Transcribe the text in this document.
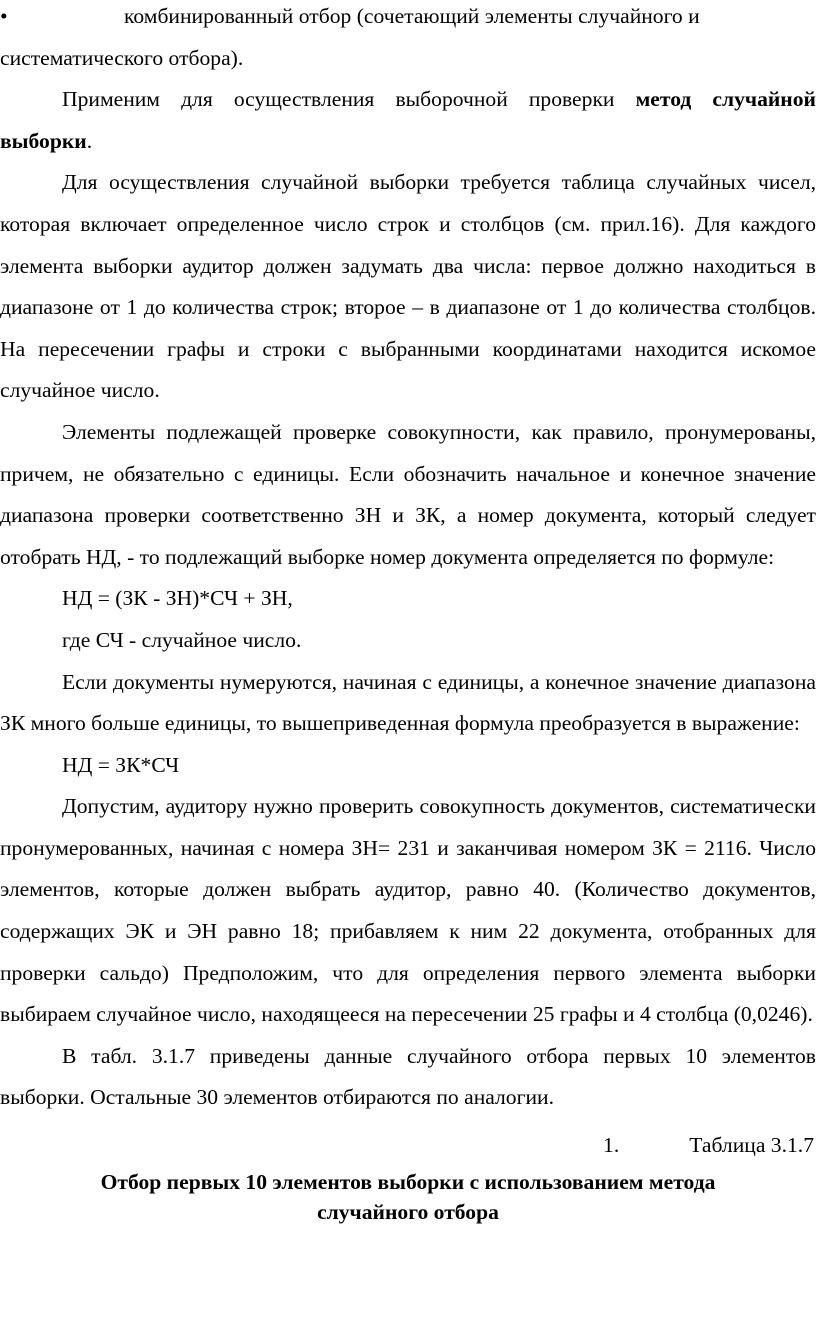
•	комбинированный отбор (сочетающий элементы случайного и
систематического отбора).

Применим для осуществления выборочной проверки метод случайной выборки.

Для осуществления случайной выборки требуется таблица случайных чисел, которая включает определенное число строк и столбцов (см. прил.16). Для каждого элемента выборки аудитор должен задумать два числа: первое должно находиться в диапазоне от 1 до количества строк; второе – в диапазоне от 1 до количества столбцов. На пересечении графы и строки с выбранными координатами находится искомое случайное число.

Элементы подлежащей проверке совокупности, как правило, пронумерованы, причем, не обязательно с единицы. Если обозначить начальное и конечное значение диапазона проверки соответственно ЗН и ЗК, а номер документа, который следует отобрать НД, - то подлежащий выборке номер документа определяется по формуле:

НД = (ЗК - ЗН)*СЧ + ЗН,

где СЧ - случайное число.

Если документы нумеруются, начиная с единицы, а конечное значение диапазона ЗК много больше единицы, то вышеприведенная формула преобразуется в выражение:

НД = ЗК*СЧ

Допустим, аудитору нужно проверить совокупность документов, систематически пронумерованных, начиная с номера ЗН= 231 и заканчивая номером ЗК = 2116. Число элементов, которые должен выбрать аудитор, равно 40. (Количество документов, содержащих ЭК и ЭН равно 18; прибавляем к ним 22 документа, отобранных для проверки сальдо) Предположим, что для определения первого элемента выборки выбираем случайное число, находящееся на пересечении 25 графы и 4 столбца (0,0246).

В табл. 3.1.7 приведены данные случайного отбора первых 10 элементов выборки. Остальные 30 элементов отбираются по аналогии.

1.	Таблица 3.1.7

Отбор первых 10 элементов выборки с использованием метода случайного отбора
